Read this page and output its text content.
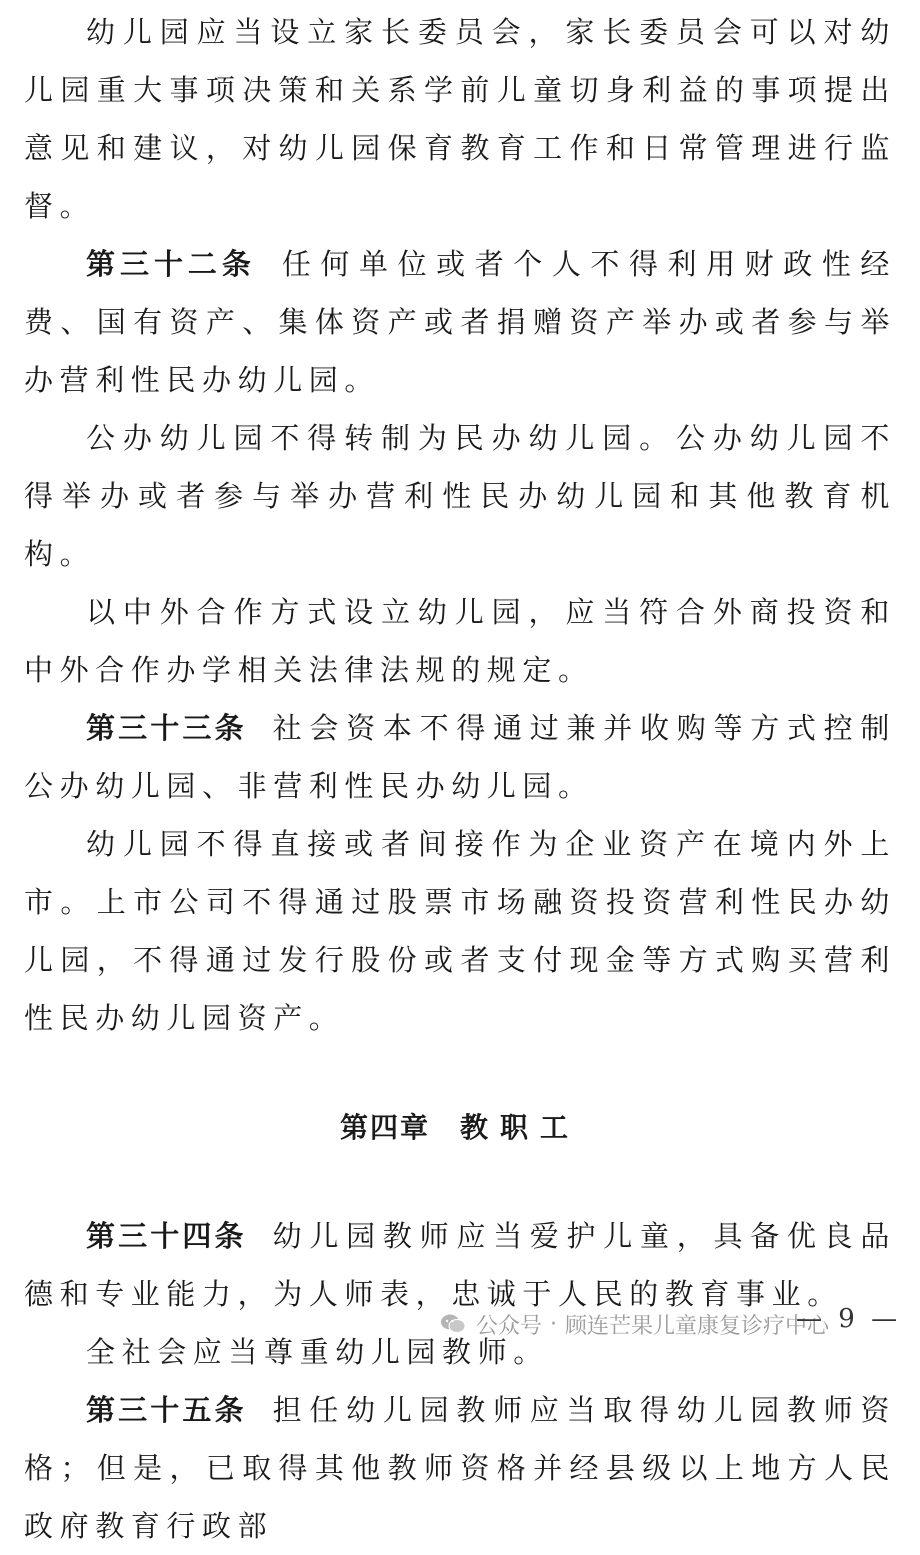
幼儿园应当设立家长委员会，家长委员会可以对幼儿园重大事项决策和关系学前儿童切身利益的事项提出意见和建议，对幼儿园保育教育工作和日常管理进行监督。

第三十二条 任何单位或者个人不得利用财政性经费、国有资产、集体资产或者捐赠资产举办或者参与举办营利性民办幼儿园。

公办幼儿园不得转制为民办幼儿园。公办幼儿园不得举办或者参与举办营利性民办幼儿园和其他教育机构。

以中外合作方式设立幼儿园，应当符合外商投资和中外合作办学相关法律法规的规定。

第三十三条 社会资本不得通过兼并收购等方式控制公办幼儿园、非营利性民办幼儿园。

幼儿园不得直接或者间接作为企业资产在境内外上市。上市公司不得通过股票市场融资投资营利性民办幼儿园，不得通过发行股份或者支付现金等方式购买营利性民办幼儿园资产。

第四章 教职工

第三十四条 幼儿园教师应当爱护儿童，具备优良品德和专业能力，为人师表，忠诚于人民的教育事业。

全社会应当尊重幼儿园教师。

第三十五条 担任幼儿园教师应当取得幼儿园教师资格；但是，已取得其他教师资格并经县级以上地方人民政府教育行政部

公众号 · 顾连芒果儿童康复诊疗中心
— 9 —
